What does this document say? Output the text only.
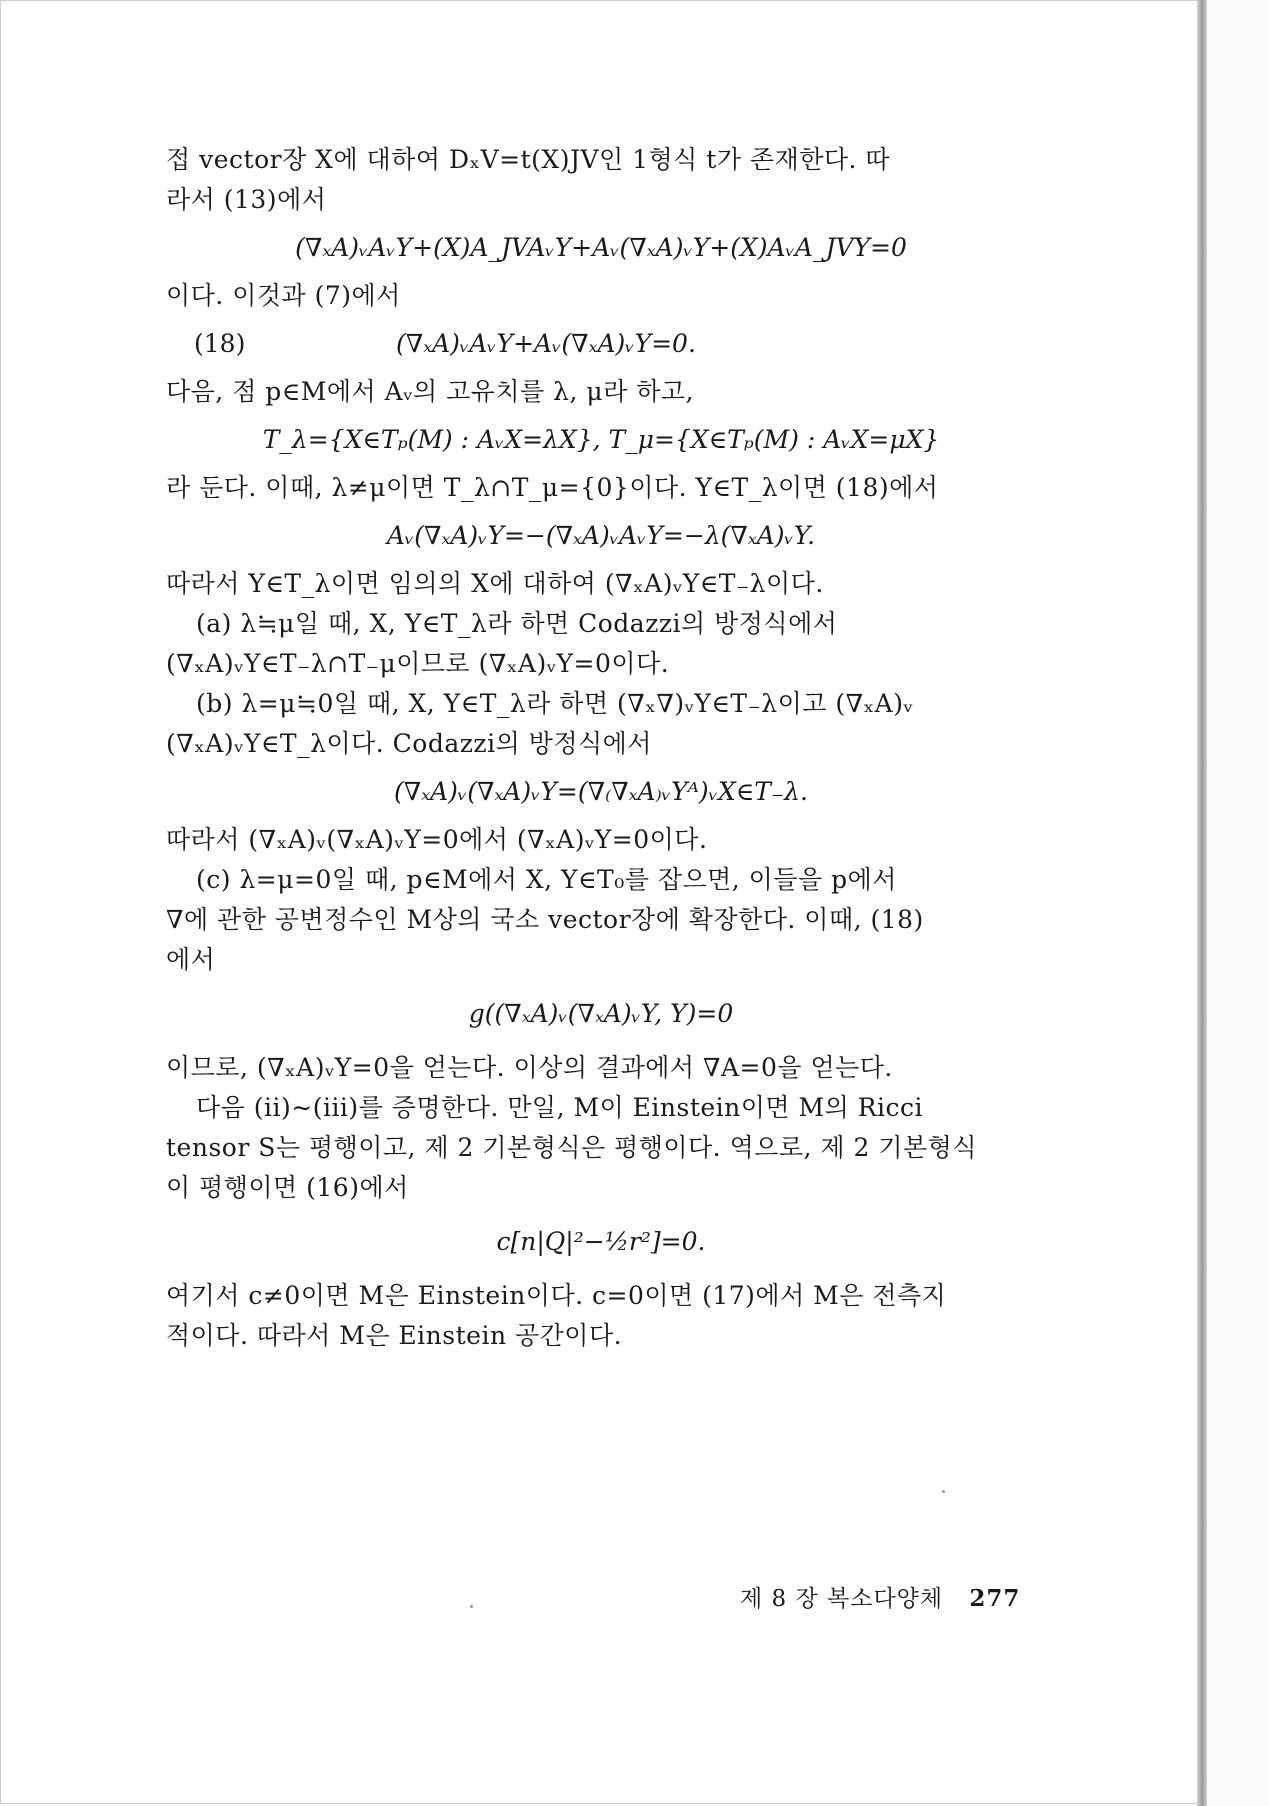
접 vector장 X에 대하여 DₓV=t(X)JV인 1형식 t가 존재한다. 따
라서 (13)에서
(∇ₓA)ᵥAᵥY+(X)A_JVAᵥY+Aᵥ(∇ₓA)ᵥY+(X)AᵥA_JVY=0
이다. 이것과 (7)에서
(18)	(∇ₓA)ᵥAᵥY+Aᵥ(∇ₓA)ᵥY=0.
다음, 점 p∈M에서 Aᵥ의 고유치를 λ, μ라 하고,
T_λ={X∈Tₚ(M) : AᵥX=λX}, T_μ={X∈Tₚ(M) : AᵥX=μX}
라 둔다. 이때, λ≠μ이면 T_λ∩T_μ={0}이다. Y∈T_λ이면 (18)에서
Aᵥ(∇ₓA)ᵥY=−(∇ₓA)ᵥAᵥY=−λ(∇ₓA)ᵥY.
따라서 Y∈T_λ이면 임의의 X에 대하여 (∇ₓA)ᵥY∈T₋λ이다.
(a) λ≒μ일 때, X, Y∈T_λ라 하면 Codazzi의 방정식에서
(∇ₓA)ᵥY∈T₋λ∩T₋μ이므로 (∇ₓA)ᵥY=0이다.
(b) λ=μ≒0일 때, X, Y∈T_λ라 하면 (∇ₓ∇)ᵥY∈T₋λ이고 (∇ₓA)ᵥ
(∇ₓA)ᵥY∈T_λ이다. Codazzi의 방정식에서
(∇ₓA)ᵥ(∇ₓA)ᵥY=(∇₍∇ₓA₎ᵥYᴬ)ᵥX∈T₋λ.
따라서 (∇ₓA)ᵥ(∇ₓA)ᵥY=0에서 (∇ₓA)ᵥY=0이다.
(c) λ=μ=0일 때, p∈M에서 X, Y∈T₀를 잡으면, 이들을 p에서
∇에 관한 공변정수인 M상의 국소 vector장에 확장한다. 이때, (18)
에서
g((∇ₓA)ᵥ(∇ₓA)ᵥY, Y)=0
이므로, (∇ₓA)ᵥY=0을 얻는다. 이상의 결과에서 ∇A=0을 얻는다.
다음 (ii)∼(iii)를 증명한다. 만일, M이 Einstein이면 M의 Ricci
tensor S는 평행이고, 제 2 기본형식은 평행이다. 역으로, 제 2 기본형식
이 평행이면 (16)에서
c[n|Q|²−½r²]=0.
여기서 c≠0이면 M은 Einstein이다. c=0이면 (17)에서 M은 전측지
적이다. 따라서 M은 Einstein 공간이다.
제 8 장 복소다양체 277
